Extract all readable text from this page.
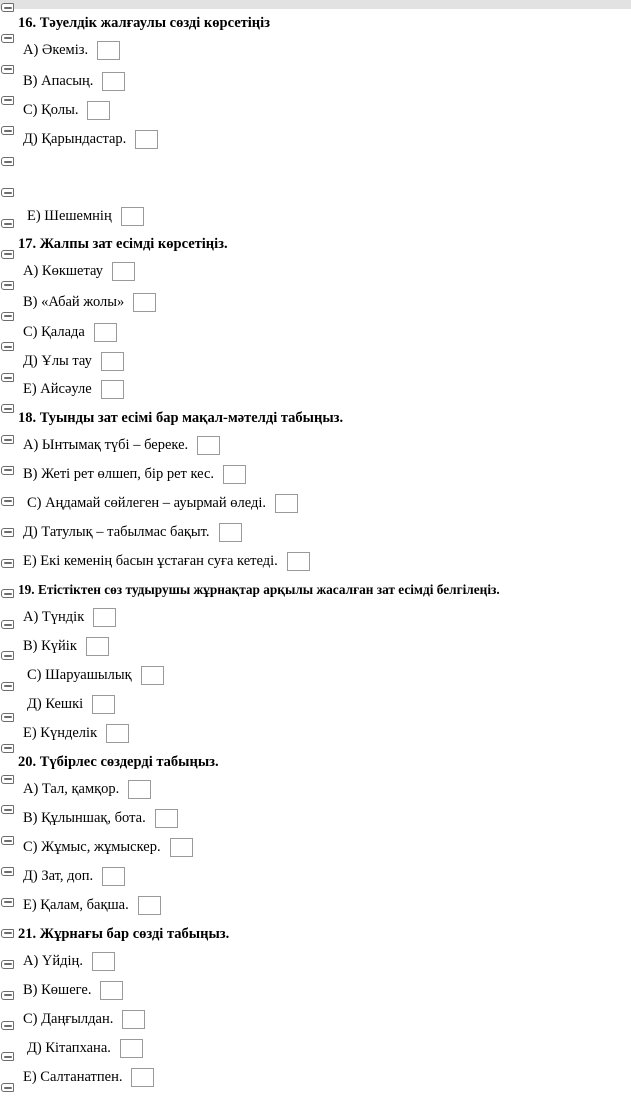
16. Тәуелдік жалғаулы сөзді көрсетіңіз
А) Әкеміз.
В) Апасың.
С) Қолы.
Д) Қарындастар.
Е) Шешемнің
17. Жалпы зат есімді көрсетіңіз.
А) Көкшетау
В) «Абай жолы»
С) Қалада
Д) Ұлы тау
Е) Айсәуле
18. Туынды зат есімі бар мақал-мәтелді табыңыз.
А) Ынтымақ түбі – береке.
В) Жеті рет өлшеп, бір рет кес.
С) Аңдамай сөйлеген – ауырмай өледі.
Д) Татулық – табылмас бақыт.
Е) Екі кеменің басын ұстаған суға кетеді.
19. Етістіктен сөз тудырушы жұрнақтар арқылы жасалған зат есімді белгілеңіз.
А) Түндік
В) Күйік
С) Шаруашылық
Д) Кешкі
Е) Күнделік
20. Түбірлес сөздерді табыңыз.
А) Тал, қамқор.
В) Құлыншақ, бота.
С) Жұмыс, жұмыскер.
Д) Зат, доп.
Е) Қалам, бақша.
21. Жұрнағы бар сөзді табыңыз.
А) Үйдің.
В) Көшеге.
С) Даңғылдан.
Д) Кітапхана.
Е) Салтанатпен.
